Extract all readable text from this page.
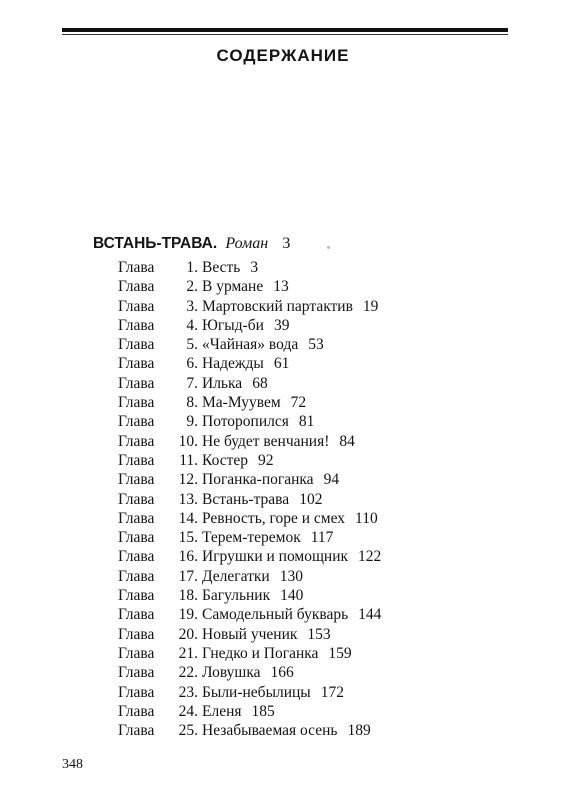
СОДЕРЖАНИЕ
ВСТАНЬ-ТРАВА. Роман 3
Глава	1. Весть 3
Глава	2. В урмане 13
Глава	3. Мартовский партактив 19
Глава	4. Югыд-би 39
Глава	5. «Чайная» вода 53
Глава	6. Надежды 61
Глава	7. Илька 68
Глава	8. Ма-Муувем 72
Глава	9. Поторопился 81
Глава	10. Не будет венчания! 84
Глава	11. Костер 92
Глава	12. Поганка-поганка 94
Глава	13. Встань-трава 102
Глава	14. Ревность, горе и смех 110
Глава	15. Терем-теремок 117
Глава	16. Игрушки и помощник 122
Глава	17. Делегатки 130
Глава	18. Багульник 140
Глава	19. Самодельный букварь 144
Глава	20. Новый ученик 153
Глава	21. Гнедко и Поганка 159
Глава	22. Ловушка 166
Глава	23. Были-небылицы 172
Глава	24. Еленя 185
Глава	25. Незабываемая осень 189
348
